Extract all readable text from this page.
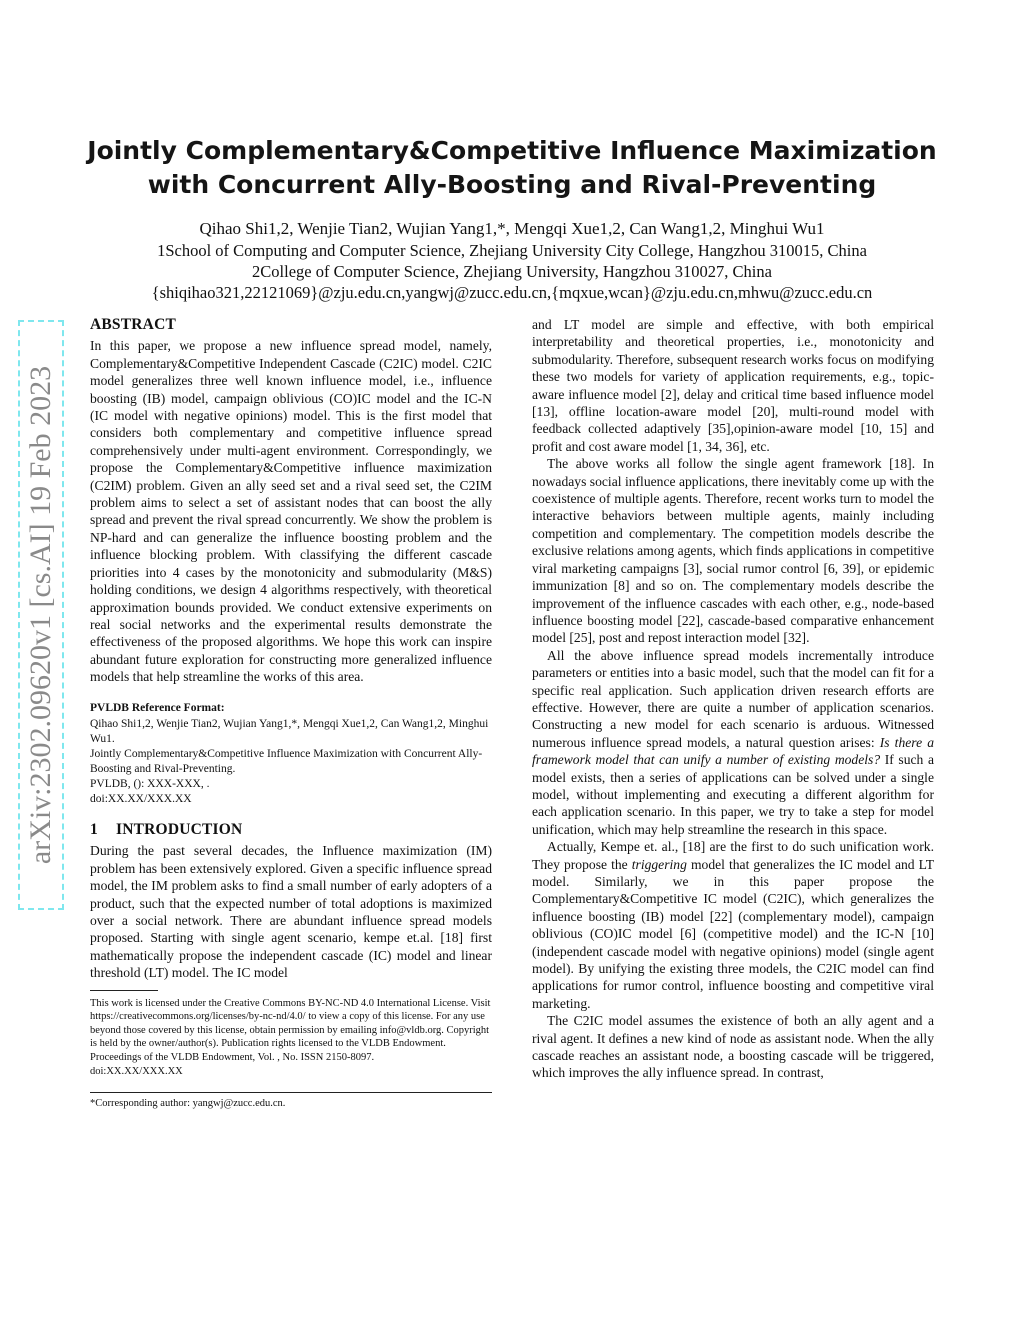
Jointly Complementary&Competitive Influence Maximization
with Concurrent Ally-Boosting and Rival-Preventing
Qihao Shi1,2, Wenjie Tian2, Wujian Yang1,*, Mengqi Xue1,2, Can Wang1,2, Minghui Wu1
1School of Computing and Computer Science, Zhejiang University City College, Hangzhou 310015, China
2College of Computer Science, Zhejiang University, Hangzhou 310027, China
{shiqihao321,22121069}@zju.edu.cn,yangwj@zucc.edu.cn,{mqxue,wcan}@zju.edu.cn,mhwu@zucc.edu.cn
arXiv:2302.09620v1 [cs.AI] 19 Feb 2023
ABSTRACT

In this paper, we propose a new influence spread model, namely, Complementary&Competitive Independent Cascade (C2IC) model. C2IC model generalizes three well known influence model, i.e., influence boosting (IB) model, campaign oblivious (CO)IC model and the IC-N (IC model with negative opinions) model. This is the first model that considers both complementary and competitive influence spread comprehensively under multi-agent environment. Correspondingly, we propose the Complementary&Competitive influence maximization (C2IM) problem. Given an ally seed set and a rival seed set, the C2IM problem aims to select a set of assistant nodes that can boost the ally spread and prevent the rival spread concurrently. We show the problem is NP-hard and can generalize the influence boosting problem and the influence blocking problem. With classifying the different cascade priorities into 4 cases by the monotonicity and submodularity (M&S) holding conditions, we design 4 algorithms respectively, with theoretical approximation bounds provided. We conduct extensive experiments on real social networks and the experimental results demonstrate the effectiveness of the proposed algorithms. We hope this work can inspire abundant future exploration for constructing more generalized influence models that help streamline the works of this area.

PVLDB Reference Format:
Qihao Shi1,2, Wenjie Tian2, Wujian Yang1,*, Mengqi Xue1,2, Can Wang1,2, Minghui Wu1.
Jointly Complementary&Competitive Influence Maximization with Concurrent Ally-Boosting and Rival-Preventing.
PVLDB, (): XXX-XXX, .
doi:XX.XX/XXX.XX
1 INTRODUCTION

During the past several decades, the Influence maximization (IM) problem has been extensively explored. Given a specific influence spread model, the IM problem asks to find a small number of early adopters of a product, such that the expected number of total adoptions is maximized over a social network. There are abundant influence spread models proposed. Starting with single agent scenario, kempe et.al. [18] first mathematically propose the independent cascade (IC) model and linear threshold (LT) model. The IC model

This work is licensed under the Creative Commons BY-NC-ND 4.0 International License. Visit https://creativecommons.org/licenses/by-nc-nd/4.0/ to view a copy of this license. For any use beyond those covered by this license, obtain permission by emailing info@vldb.org. Copyright is held by the owner/author(s). Publication rights licensed to the VLDB Endowment.
Proceedings of the VLDB Endowment, Vol. , No. ISSN 2150-8097.
doi:XX.XX/XXX.XX
*Corresponding author: yangwj@zucc.edu.cn.

and LT model are simple and effective, with both empirical interpretability and theoretical properties, i.e., monotonicity and submodularity. Therefore, subsequent research works focus on modifying these two models for variety of application requirements, e.g., topic-aware influence model [2], delay and critical time based influence model [13], offline location-aware model [20], multi-round model with feedback collected adaptively [35],opinion-aware model [10, 15] and profit and cost aware model [1, 34, 36], etc.

The above works all follow the single agent framework [18]. In nowadays social influence applications, there inevitably come up with the coexistence of multiple agents. Therefore, recent works turn to model the interactive behaviors between multiple agents, mainly including competition and complementary. The competition models describe the exclusive relations among agents, which finds applications in competitive viral marketing campaigns [3], social rumor control [6, 39], or epidemic immunization [8] and so on. The complementary models describe the improvement of the influence cascades with each other, e.g., node-based influence boosting model [22], cascade-based comparative enhancement model [25], post and repost interaction model [32].

All the above influence spread models incrementally introduce parameters or entities into a basic model, such that the model can fit for a specific real application. Such application driven research efforts are effective. However, there are quite a number of application scenarios. Constructing a new model for each scenario is arduous. Witnessed numerous influence spread models, a natural question arises: Is there a framework model that can unify a number of existing models? If such a model exists, then a series of applications can be solved under a single model, without implementing and executing a different algorithm for each application scenario. In this paper, we try to take a step for model unification, which may help streamline the research in this space.

Actually, Kempe et. al., [18] are the first to do such unification work. They propose the triggering model that generalizes the IC model and LT model. Similarly, we in this paper propose the Complementary&Competitive IC model (C2IC), which generalizes the influence boosting (IB) model [22] (complementary model), campaign oblivious (CO)IC model [6] (competitive model) and the IC-N [10] (independent cascade model with negative opinions) model (single agent model). By unifying the existing three models, the C2IC model can find applications for rumor control, influence boosting and competitive viral marketing.

The C2IC model assumes the existence of both an ally agent and a rival agent. It defines a new kind of node as assistant node. When the ally cascade reaches an assistant node, a boosting cascade will be triggered, which improves the ally influence spread. In contrast,
